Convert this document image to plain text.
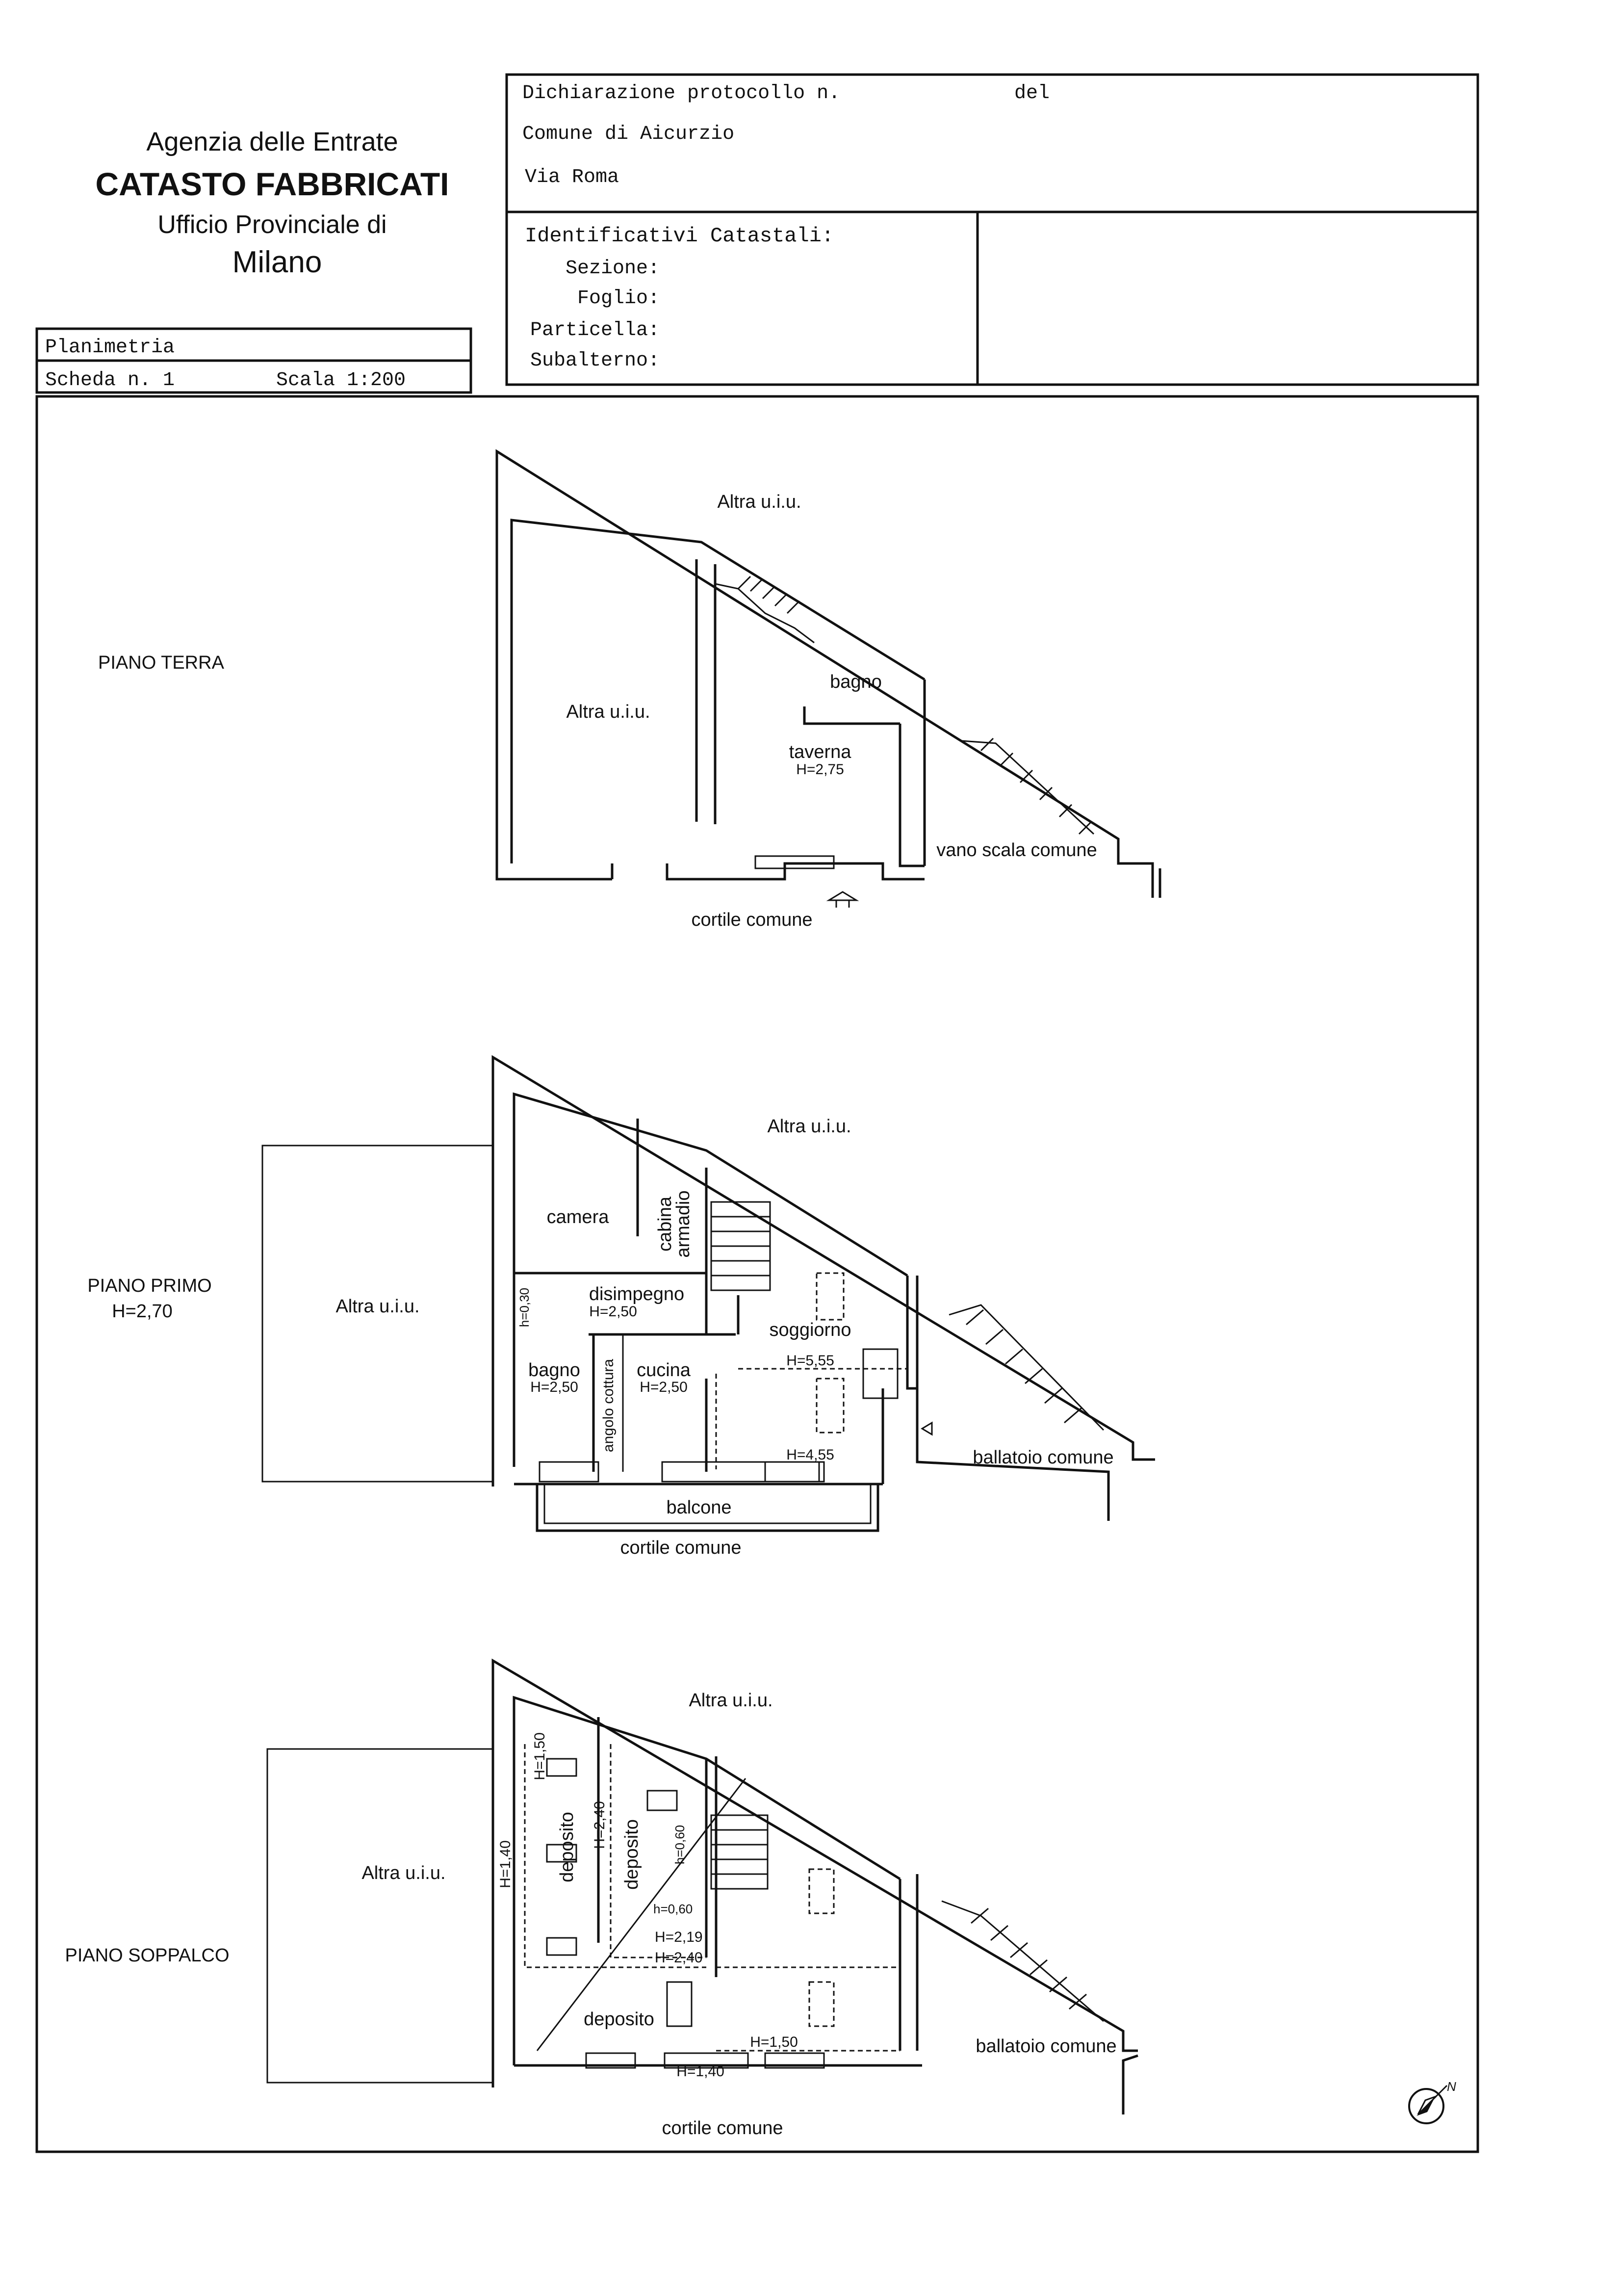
Agenzia delle Entrate
CATASTO FABBRICATI
Ufficio Provinciale di
Milano
Dichiarazione protocollo n.	del
Comune di Aicurzio
Via Roma
Identificativi Catastali:
Sezione:
Foglio:
Particella:
Subalterno:
Planimetria
Scheda n. 1	Scala 1:200
PIANO TERRA
Altra u.i.u.
Altra u.i.u.
bagno
taverna
H=2,75
vano scala comune
cortile comune
PIANO PRIMO
H=2,70
Altra u.i.u.
Altra u.i.u.
camera cabina
armadio
h=0,30	disimpegno
H=2,50
soggiorno
H=5,55
bagno
H=2,50 angolo cottura cucina
H=2,50
H=4,55	ballatoio comune
balcone
cortile comune
PIANO SOPPALCO
Altra u.i.u.
Altra u.i.u.
H=1,50
H=1,40
H=2,40
deposito deposito h=0,60
h=0,60
H=2,19
H=2,40
deposito
H=1,50
H=1,40
ballatoio comune
cortile comune
N
